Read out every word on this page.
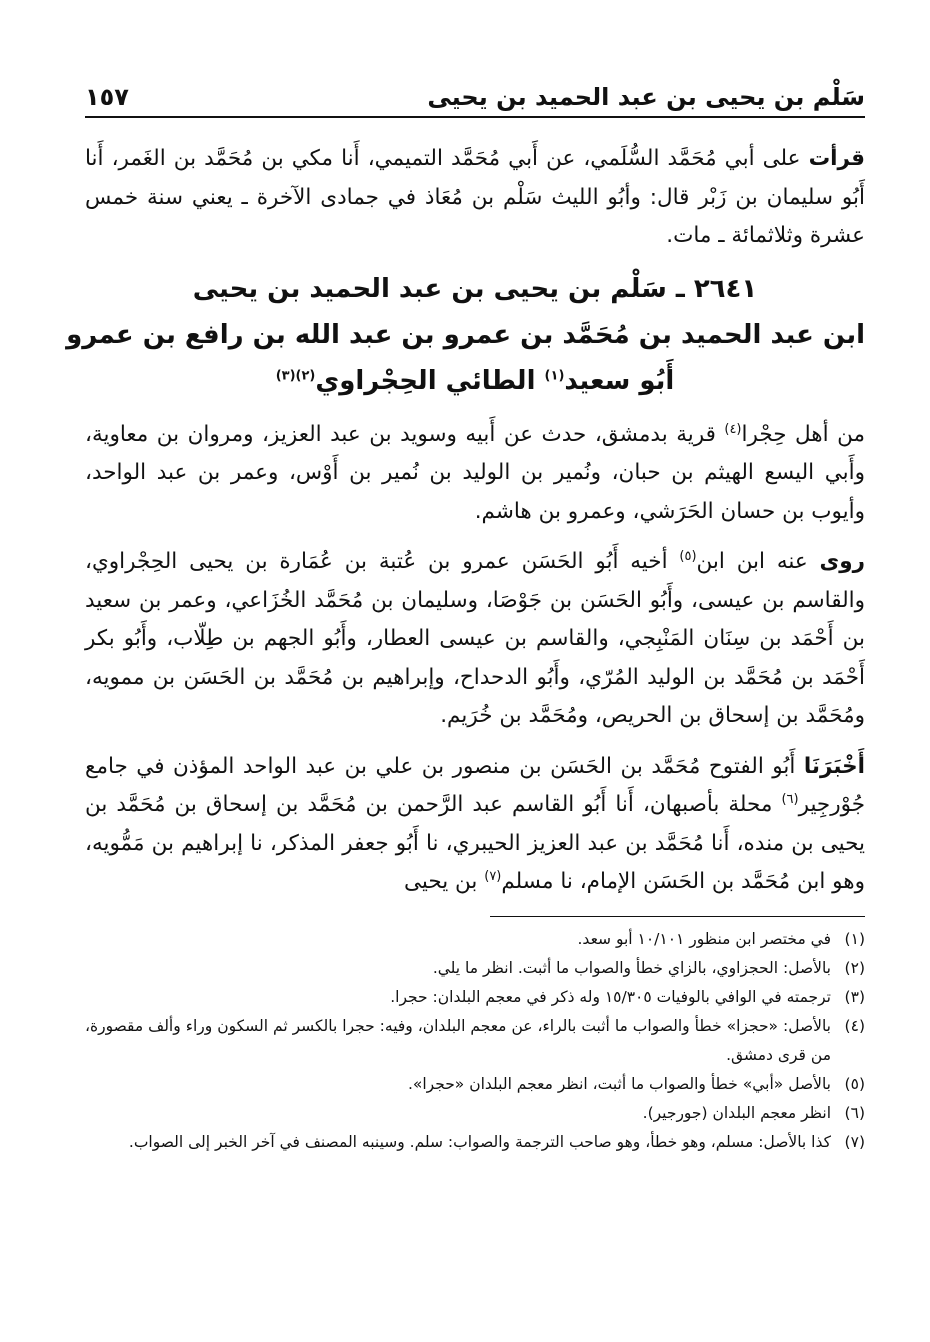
سَلْم بن يحيى بن عبد الحميد بن يحيى
١٥٧

قرأت على أبي مُحَمَّد السُّلَمي، عن أَبي مُحَمَّد التميمي، أَنا مكي بن مُحَمَّد بن الغَمر، أَنا أَبُو سليمان بن زَبْر قال: وأبُو الليث سَلْم بن مُعَاذ في جمادى الآخرة ـ يعني سنة خمس عشرة وثلاثمائة ـ مات.

٢٦٤١ ـ سَلْم بن يحيى بن عبد الحميد بن يحيى
ابن عبد الحميد بن مُحَمَّد بن عمرو بن عبد الله بن رافع بن عمرو
أَبُو سعيد$^{(١)}$ الطائي الحِجْراوي$^{(٢)(٣)}$

من أهل حِجْرا$^{(٤)}$ قرية بدمشق، حدث عن أَبيه وسويد بن عبد العزيز، ومروان بن معاوية، وأَبي اليسع الهيثم بن حبان، ونُمير بن الوليد بن نُمير بن أَوْس، وعمر بن عبد الواحد، وأيوب بن حسان الحَرَشي، وعمرو بن هاشم.

روى عنه ابن ابن$^{(٥)}$ أخيه أَبُو الحَسَن عمرو بن عُتبة بن عُمَارة بن يحيى الحِجْراوي، والقاسم بن عيسى، وأَبُو الحَسَن بن جَوْصَا، وسليمان بن مُحَمَّد الخُزَاعي، وعمر بن سعيد بن أَحْمَد بن سِنَان المَنْبِجي، والقاسم بن عيسى العطار، وأَبُو الجهم بن طِلّاب، وأَبُو بكر أَحْمَد بن مُحَمَّد بن الوليد المُرّي، وأَبُو الدحداح، وإبراهيم بن مُحَمَّد بن الحَسَن بن ممويه، ومُحَمَّد بن إسحاق بن الحريص، ومُحَمَّد بن خُرَيم.

أَخْبَرَنَا أَبُو الفتوح مُحَمَّد بن الحَسَن بن منصور بن علي بن عبد الواحد المؤذن في جامع جُوْرجِير$^{(٦)}$ محلة بأصبهان، أَنا أَبُو القاسم عبد الرَّحمن بن مُحَمَّد بن إسحاق بن مُحَمَّد بن يحيى بن منده، أَنا مُحَمَّد بن عبد العزيز الحيبري، نا أَبُو جعفر المذكر، نا إبراهيم بن مَمُّويه، وهو ابن مُحَمَّد بن الحَسَن الإمام، نا مسلم$^{(٧)}$ بن يحيى

(١)
في مختصر ابن منظور ١٠/١٠١ أبو سعد.
(٢)
بالأصل: الحجزاوي، بالزاي خطأ والصواب ما أثبت. انظر ما يلي.
(٣)
ترجمته في الوافي بالوفيات ١٥/٣٠٥ وله ذكر في معجم البلدان: حجرا.
(٤)
بالأصل: «حجزا» خطأ والصواب ما أثبت بالراء، عن معجم البلدان، وفيه: حجرا بالكسر ثم السكون وراء وألف مقصورة، من قرى دمشق.
(٥)
بالأصل «أبي» خطأ والصواب ما أثبت، انظر معجم البلدان «حجرا».
(٦)
انظر معجم البلدان (جورجير).
(٧)
كذا بالأصل: مسلم، وهو خطأ، وهو صاحب الترجمة والصواب: سلم. وسينبه المصنف في آخر الخبر إلى الصواب.
